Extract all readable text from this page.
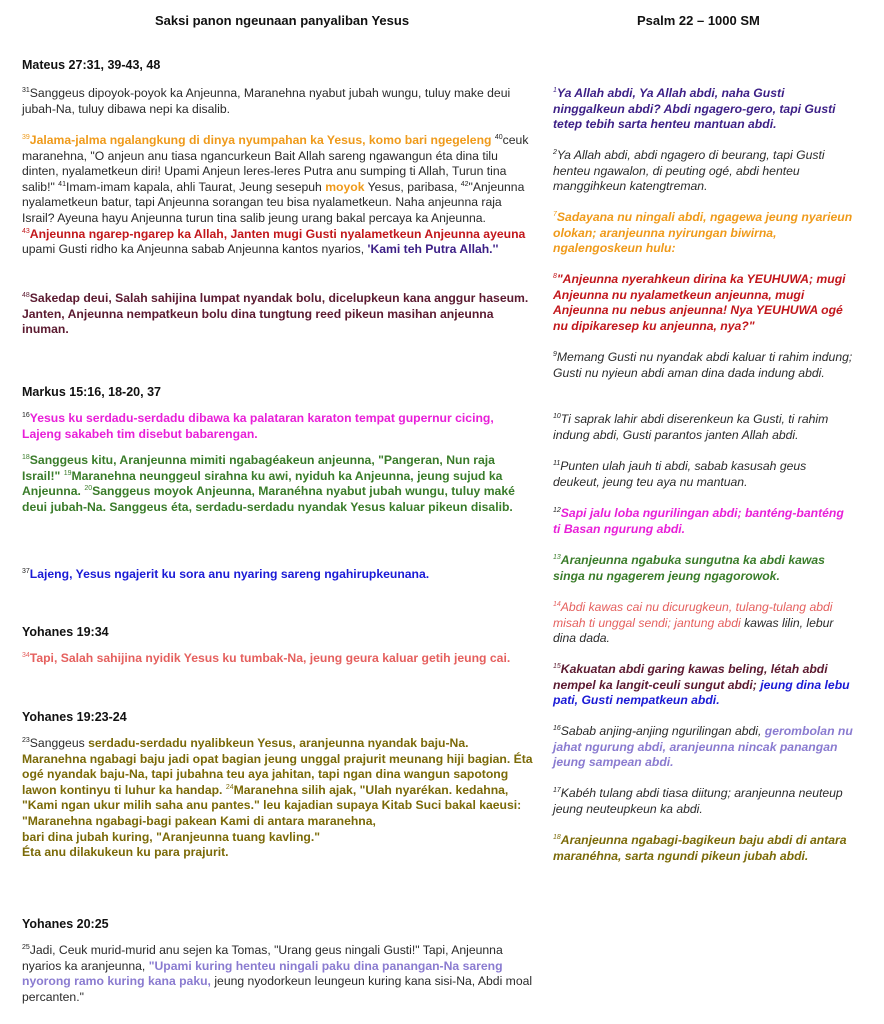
Saksi panon ngeunaan panyaliban Yesus	Psalm 22 – 1000 SM
Mateus 27:31, 39-43, 48
$^{31}$Sanggeus dipoyok-poyok ka Anjeunna, Maranehna nyabut jubah wungu, tuluy make deui jubah-Na, tuluy dibawa nepi ka disalib.
$^{39}$Jalama-jalma ngalangkung di dinya nyumpahan ka Yesus, komo bari ngegeleng $^{40}$ceuk maranehna, "O anjeun anu tiasa ngancurkeun Bait Allah sareng ngawangun éta dina tilu dinten, nyalametkeun diri! Upami Anjeun leres-leres Putra anu sumping ti Allah, Turun tina salib!" $^{41}$Imam-imam kapala, ahli Taurat, Jeung sesepuh moyok Yesus, paribasa, $^{42}$"Anjeunna nyalametkeun batur, tapi Anjeunna sorangan teu bisa nyalametkeun. Naha anjeunna raja Israil? Ayeuna hayu Anjeunna turun tina salib jeung urang bakal percaya ka Anjeunna. $^{43}$Anjeunna ngarep-ngarep ka Allah, Janten mugi Gusti nyalametkeun Anjeunna ayeuna upami Gusti ridho ka Anjeunna sabab Anjeunna kantos nyarios, 'Kami teh Putra Allah.''
$^{48}$Sakedap deui, Salah sahijina lumpat nyandak bolu, dicelupkeun kana anggur haseum. Janten, Anjeunna nempatkeun bolu dina tungtung reed pikeun masihan anjeunna inuman.
Markus 15:16, 18-20, 37
$^{16}$Yesus ku serdadu-serdadu dibawa ka palataran karaton tempat gupernur cicing, Lajeng sakabeh tim disebut babarengan.
$^{18}$Sanggeus kitu, Aranjeunna mimiti ngabagéakeun anjeunna, "Pangeran, Nun raja Israil!" $^{19}$Maranehna neunggeul sirahna ku awi, nyiduh ka Anjeunna, jeung sujud ka Anjeunna. $^{20}$Sanggeus moyok Anjeunna, Maranéhna nyabut jubah wungu, tuluy maké deui jubah-Na. Sanggeus éta, serdadu-serdadu nyandak Yesus kaluar pikeun disalib.
$^{37}$Lajeng, Yesus ngajerit ku sora anu nyaring sareng ngahirupkeunana.
Yohanes 19:34
$^{34}$Tapi, Salah sahijina nyidik Yesus ku tumbak-Na, jeung geura kaluar getih jeung cai.
Yohanes 19:23-24
$^{23}$Sanggeus serdadu-serdadu nyalibkeun Yesus, aranjeunna nyandak baju-Na. Maranehna ngabagi baju jadi opat bagian jeung unggal prajurit meunang hiji bagian. Éta ogé nyandak baju-Na, tapi jubahna teu aya jahitan, tapi ngan dina wangun sapotong lawon kontinyu ti luhur ka handap. $^{24}$Maranehna silih ajak, "Ulah nyarékan. kedahna, "Kami ngan ukur milih saha anu pantes." leu kajadian supaya Kitab Suci bakal kaeusi:
"Maranehna ngabagi-bagi pakean Kami di antara maranehna,
bari dina jubah kuring, "Aranjeunna tuang kavling."
Éta anu dilakukeun ku para prajurit.
Yohanes 20:25
$^{25}$Jadi, Ceuk murid-murid anu sejen ka Tomas, "Urang geus ningali Gusti!" Tapi, Anjeunna nyarios ka aranjeunna, "Upami kuring henteu ningali paku dina panangan-Na sareng nyorong ramo kuring kana paku, jeung nyodorkeun leungeun kuring kana sisi-Na, Abdi moal percanten."
$^1$Ya Allah abdi, Ya Allah abdi, naha Gusti ninggalkeun abdi? Abdi ngagero-gero, tapi Gusti tetep tebih sarta henteu mantuan abdi.
$^2$Ya Allah abdi, abdi ngagero di beurang, tapi Gusti henteu ngawalon, di peuting ogé, abdi henteu manggihkeun katengtreman.
$^7$Sadayana nu ningali abdi, ngagewa jeung nyarieun olokan; aranjeunna nyirungan biwirna, ngalengoskeun hulu:
$^8$"Anjeunna nyerahkeun dirina ka YEUHUWA; mugi Anjeunna nu nyalametkeun anjeunna, mugi Anjeunna nu nebus anjeunna! Nya YEUHUWA ogé nu dipikaresep ku anjeunna, nya?"
$^9$Memang Gusti nu nyandak abdi kaluar ti rahim indung; Gusti nu nyieun abdi aman dina dada indung abdi.
$^{10}$Ti saprak lahir abdi diserenkeun ka Gusti, ti rahim indung abdi, Gusti parantos janten Allah abdi.
$^{11}$Punten ulah jauh ti abdi, sabab kasusah geus deukeut, jeung teu aya nu mantuan.
$^{12}$Sapi jalu loba ngurilingan abdi; banténg-banténg ti Basan ngurung abdi.
$^{13}$Aranjeunna ngabuka sungutna ka abdi kawas singa nu ngagerem jeung ngagorowok.
$^{14}$Abdi kawas cai nu dicurugkeun, tulang-tulang abdi misah ti unggal sendi; jantung abdi kawas lilin, lebur dina dada.
$^{15}$Kakuatan abdi garing kawas beling, létah abdi nempel ka langit-ceuli sungut abdi; jeung dina lebu pati, Gusti nempatkeun abdi.
$^{16}$Sabab anjing-anjing ngurilingan abdi, gerombolan nu jahat ngurung abdi, aranjeunna nincak panangan jeung sampean abdi.
$^{17}$Kabéh tulang abdi tiasa diitung; aranjeunna neuteup jeung neuteupkeun ka abdi.
$^{18}$Aranjeunna ngabagi-bagikeun baju abdi di antara maranéhna, sarta ngundi pikeun jubah abdi.
